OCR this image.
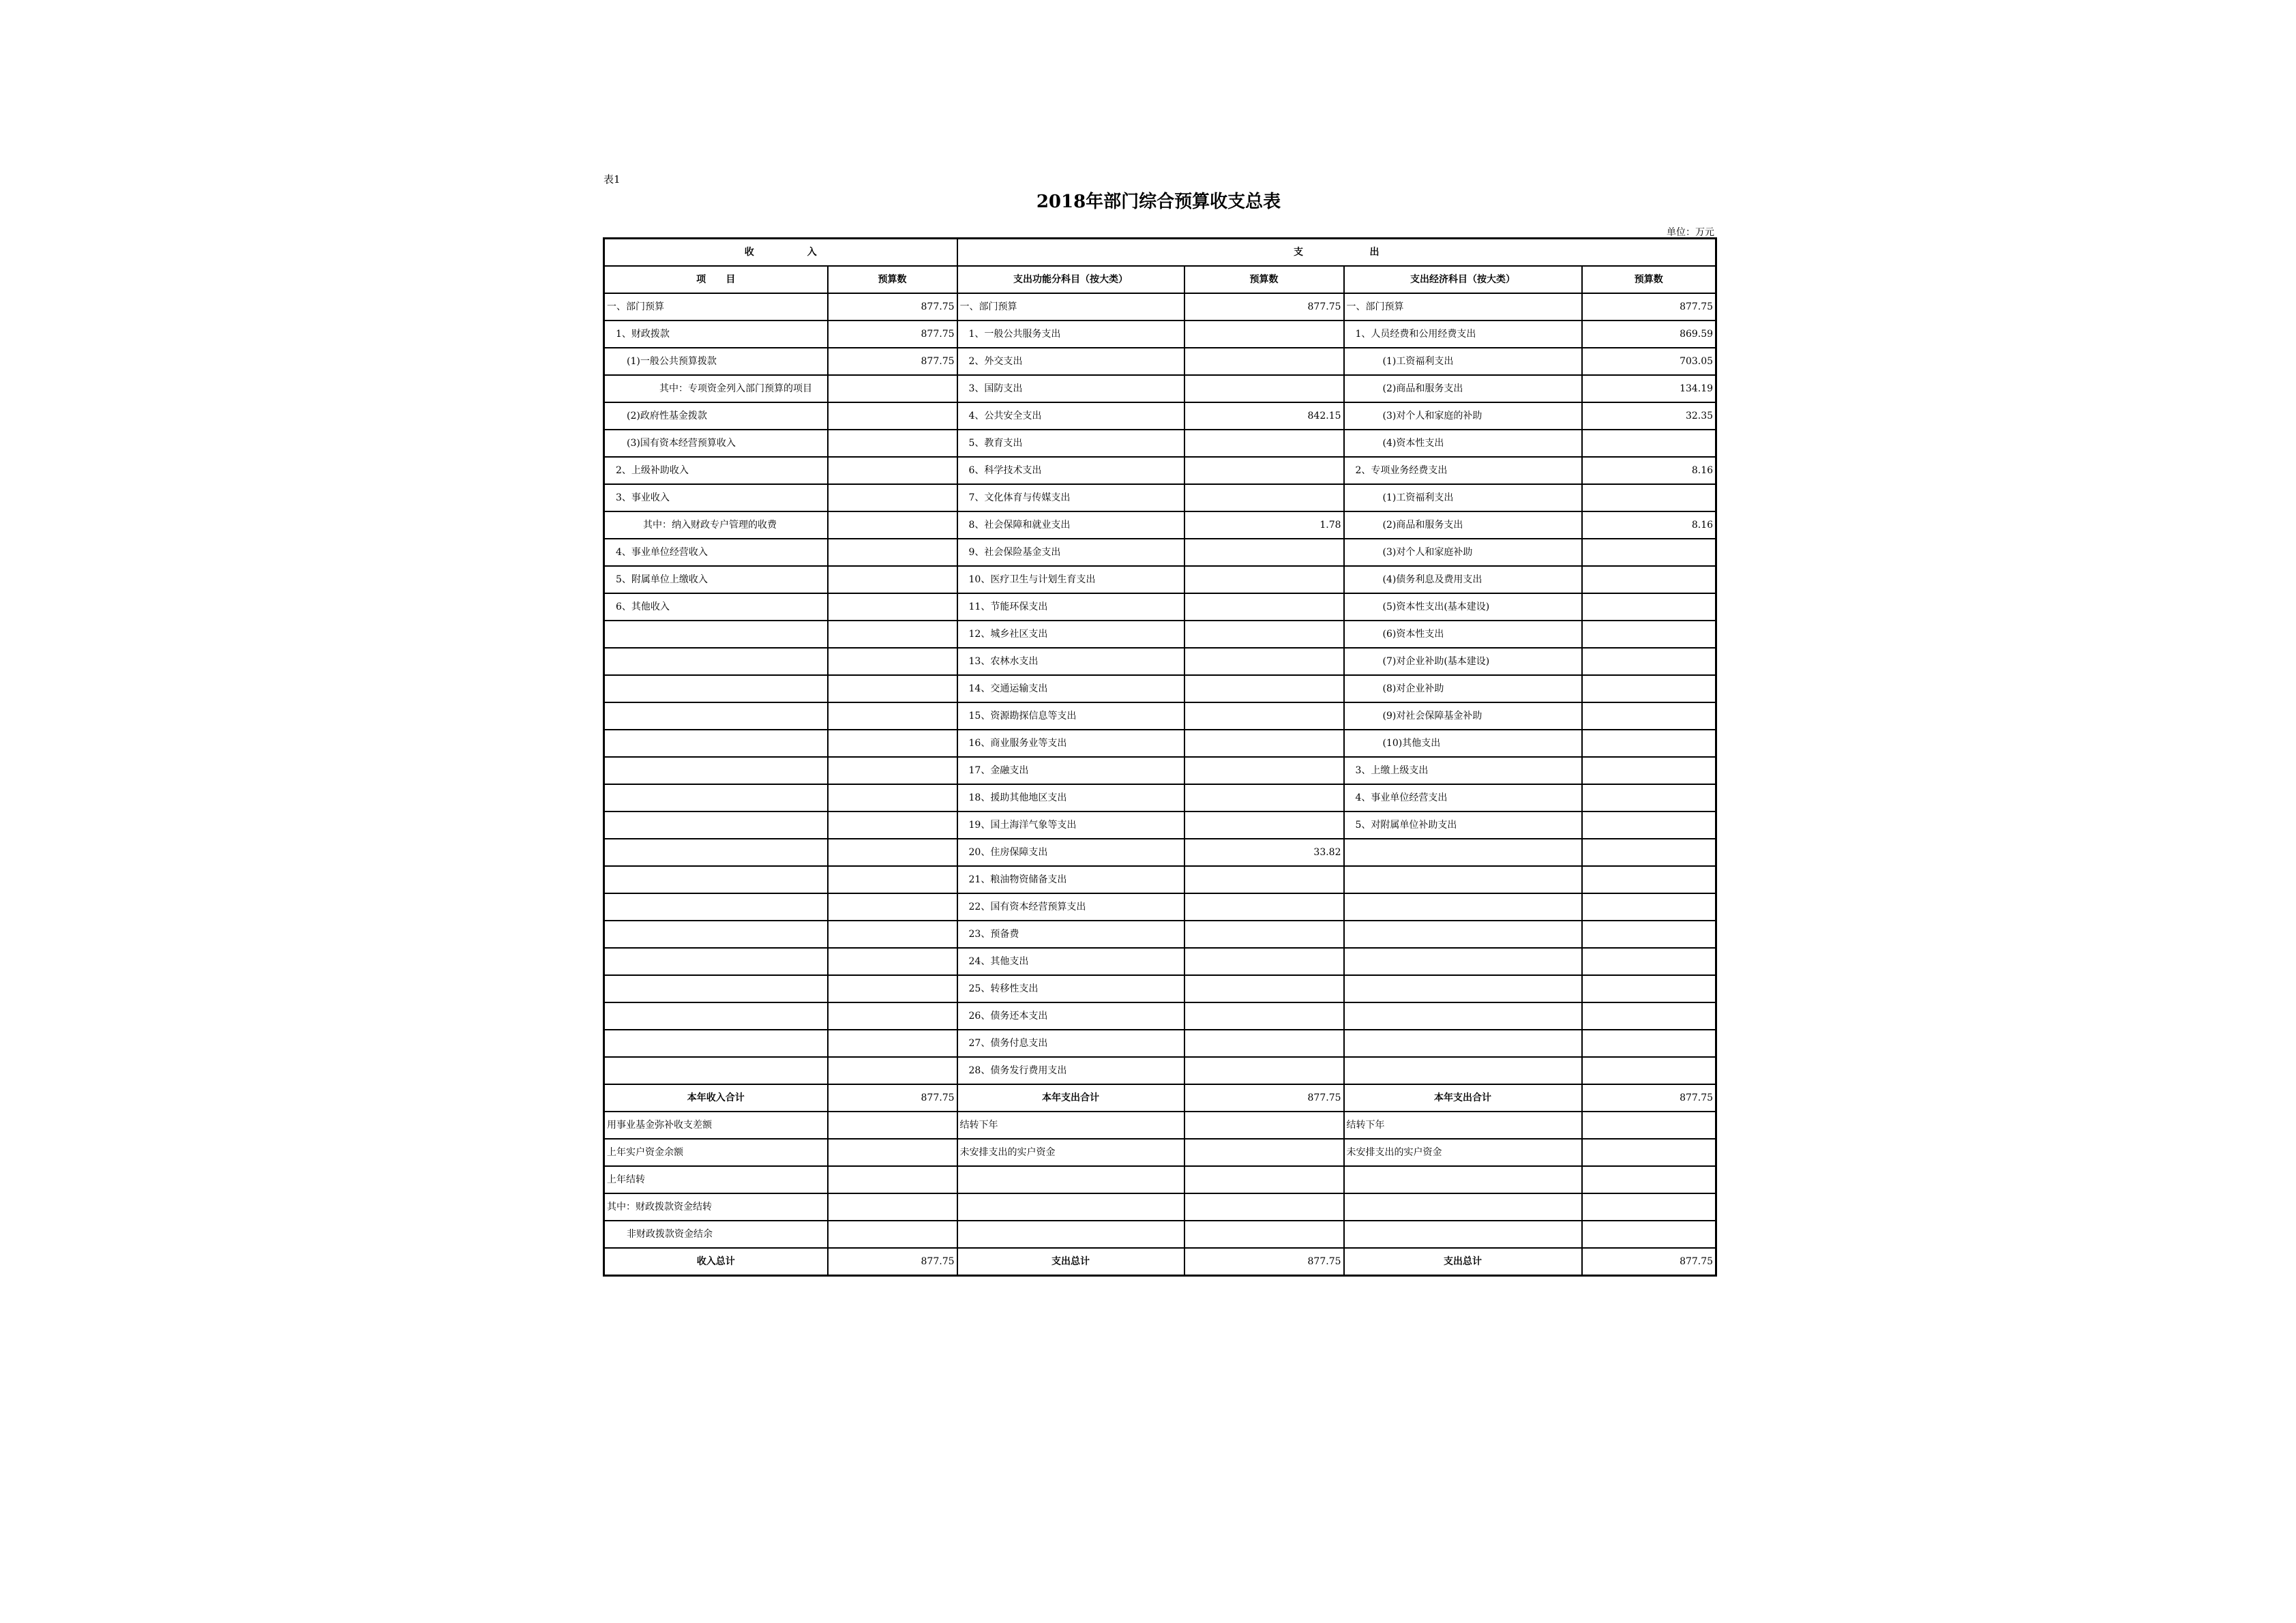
表1
2018年部门综合预算收支总表
单位：万元
收                入		支                    出			
项      目	预算数	支出功能分科目（按大类）	预算数	支出经济科目（按大类）	预算数
一、部门预算	877.75	一、部门预算	877.75	一、部门预算	877.75
1、财政拨款	877.75	1、一般公共服务支出		1、人员经费和公用经费支出	869.59
(1)一般公共预算拨款	877.75	2、外交支出		(1)工资福利支出	703.05
其中：专项资金列入部门预算的项目		3、国防支出		(2)商品和服务支出	134.19
(2)政府性基金拨款		4、公共安全支出	842.15	(3)对个人和家庭的补助	32.35
(3)国有资本经营预算收入		5、教育支出		(4)资本性支出	
2、上级补助收入		6、科学技术支出		2、专项业务经费支出	8.16
3、事业收入		7、文化体育与传媒支出		(1)工资福利支出	
其中：纳入财政专户管理的收费		8、社会保障和就业支出	1.78	(2)商品和服务支出	8.16
4、事业单位经营收入		9、社会保险基金支出		(3)对个人和家庭补助	
5、附属单位上缴收入		10、医疗卫生与计划生育支出		(4)债务利息及费用支出	
6、其他收入		11、节能环保支出		(5)资本性支出(基本建设)	
		12、城乡社区支出		(6)资本性支出	
		13、农林水支出		(7)对企业补助(基本建设)	
		14、交通运输支出		(8)对企业补助	
		15、资源勘探信息等支出		(9)对社会保障基金补助	
		16、商业服务业等支出		(10)其他支出	
		17、金融支出		3、上缴上级支出	
		18、援助其他地区支出		4、事业单位经营支出	
		19、国土海洋气象等支出		5、对附属单位补助支出	
		20、住房保障支出	33.82		
		21、粮油物资储备支出			
		22、国有资本经营预算支出			
		23、预备费			
		24、其他支出			
		25、转移性支出			
		26、债务还本支出			
		27、债务付息支出			
		28、债务发行费用支出			
本年收入合计	877.75	本年支出合计	877.75	本年支出合计	877.75
用事业基金弥补收支差额		结转下年		结转下年	
上年实户资金余额		未安排支出的实户资金		未安排支出的实户资金	
上年结转					
其中：财政拨款资金结转					
非财政拨款资金结余					
收入总计	877.75	支出总计	877.75	支出总计	877.75
